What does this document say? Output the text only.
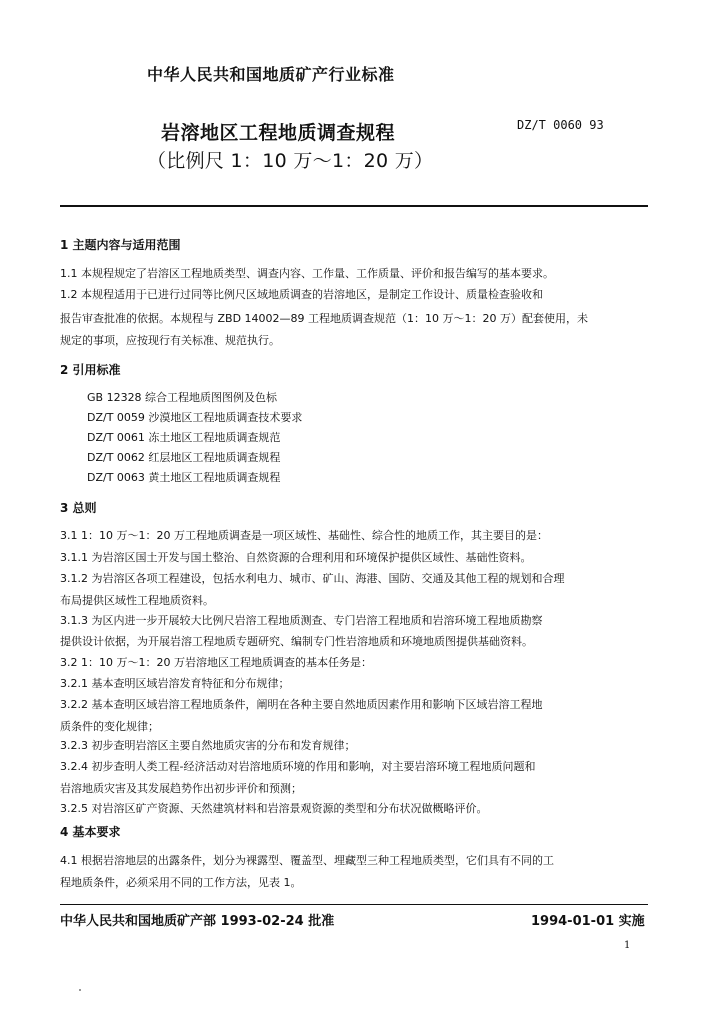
中华人民共和国地质矿产行业标准
岩溶地区工程地质调查规程
（比例尺 1：10 万～1：20 万）
DZ/T 0060 93
1 主题内容与适用范围
1.1 本规程规定了岩溶区工程地质类型、调查内容、工作量、工作质量、评价和报告编写的基本要求。
1.2 本规程适用于已进行过同等比例尺区域地质调查的岩溶地区，是制定工作设计、质量检查验收和
报告审查批准的依据。本规程与 ZBD 14002—89 工程地质调查规范（1：10 万～1：20 万）配套使用，未
规定的事项，应按现行有关标准、规范执行。
2 引用标准
GB 12328 综合工程地质图图例及色标
DZ/T 0059 沙漠地区工程地质调查技术要求
DZ/T 0061 冻土地区工程地质调查规范
DZ/T 0062 红层地区工程地质调查规程
DZ/T 0063 黄土地区工程地质调查规程
3 总则
3.1 1：10 万～1：20 万工程地质调查是一项区域性、基础性、综合性的地质工作，其主要目的是：
3.1.1 为岩溶区国土开发与国土整治、自然资源的合理利用和环境保护提供区域性、基础性资料。
3.1.2 为岩溶区各项工程建设，包括水利电力、城市、矿山、海港、国防、交通及其他工程的规划和合理
布局提供区域性工程地质资料。
3.1.3 为区内进一步开展较大比例尺岩溶工程地质测查、专门岩溶工程地质和岩溶环境工程地质勘察
提供设计依据，为开展岩溶工程地质专题研究、编制专门性岩溶地质和环境地质图提供基础资料。
3.2 1：10 万～1：20 万岩溶地区工程地质调查的基本任务是：
3.2.1 基本查明区域岩溶发育特征和分布规律；
3.2.2 基本查明区域岩溶工程地质条件，阐明在各种主要自然地质因素作用和影响下区域岩溶工程地
质条件的变化规律；
3.2.3 初步查明岩溶区主要自然地质灾害的分布和发育规律；
3.2.4 初步查明人类工程-经济活动对岩溶地质环境的作用和影响，对主要岩溶环境工程地质问题和
岩溶地质灾害及其发展趋势作出初步评价和预测；
3.2.5 对岩溶区矿产资源、天然建筑材料和岩溶景观资源的类型和分布状况做概略评价。
4 基本要求
4.1 根据岩溶地层的出露条件，划分为裸露型、覆盖型、埋藏型三种工程地质类型，它们具有不同的工
程地质条件，必须采用不同的工作方法，见表 1。
中华人民共和国地质矿产部 1993-02-24 批准	1994-01-01 实施
1
